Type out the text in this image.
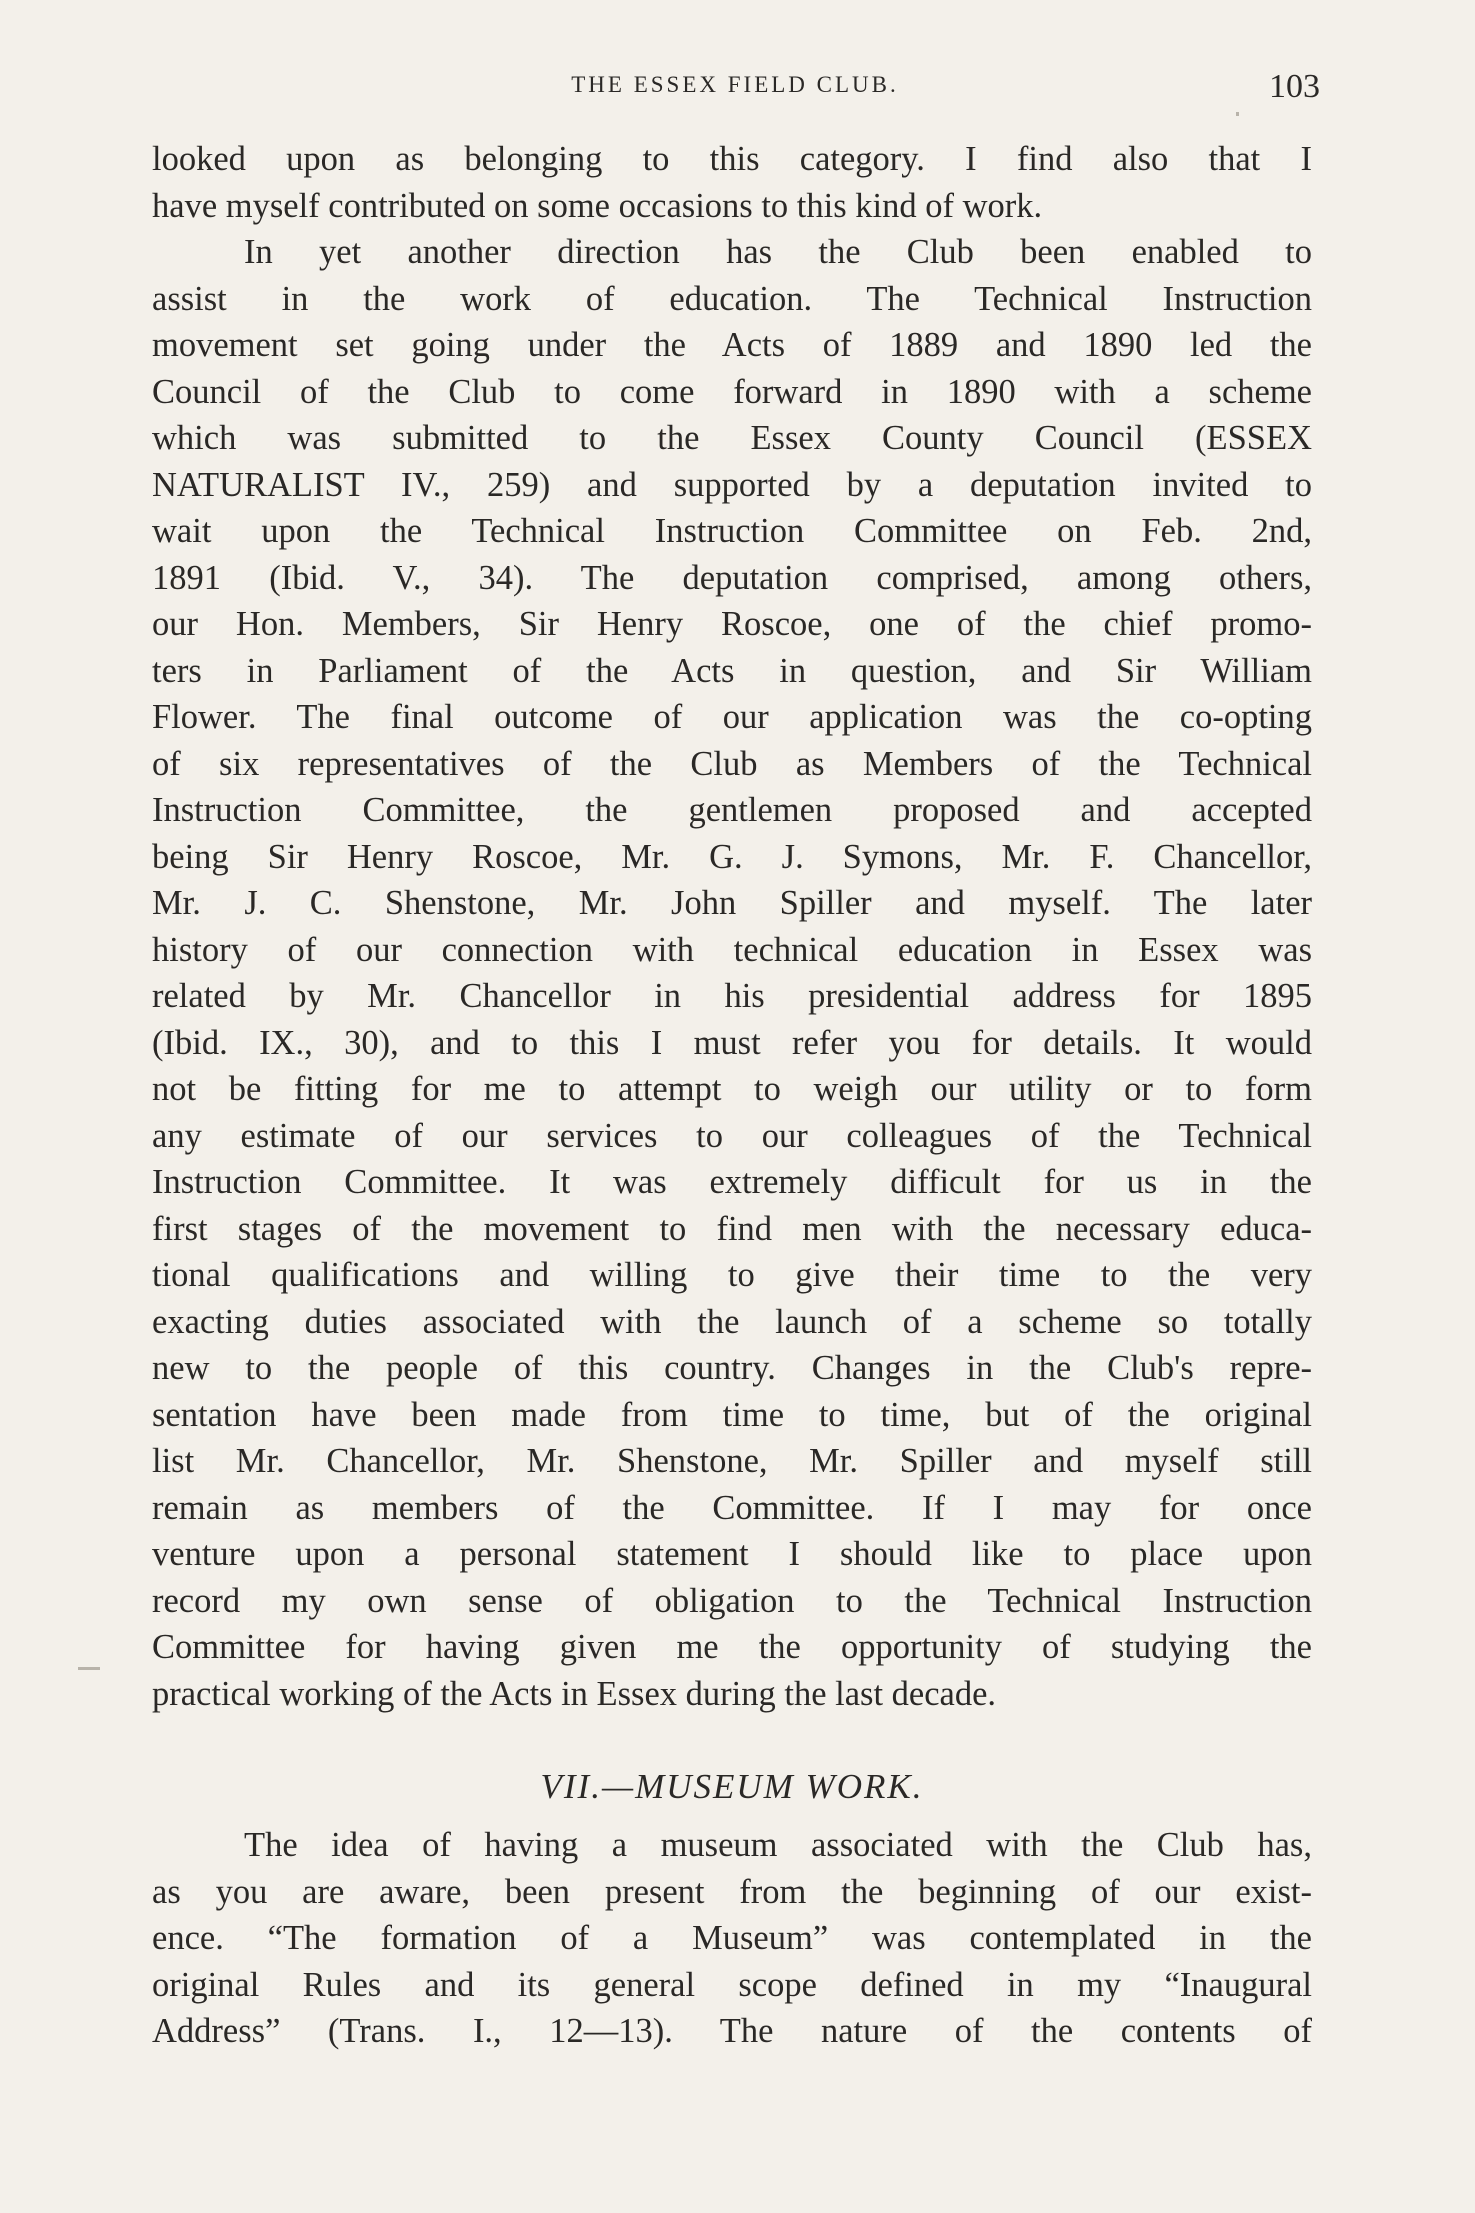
THE ESSEX FIELD CLUB.	103
looked upon as belonging to this category. I find also that I
have myself contributed on some occasions to this kind of work.
In yet another direction has the Club been enabled to
assist in the work of education. The Technical Instruction
movement set going under the Acts of 1889 and 1890 led the
Council of the Club to come forward in 1890 with a scheme
which was submitted to the Essex County Council (ESSEX
NATURALIST IV., 259) and supported by a deputation invited to
wait upon the Technical Instruction Committee on Feb. 2nd,
1891 (Ibid. V., 34). The deputation comprised, among others,
our Hon. Members, Sir Henry Roscoe, one of the chief promo-
ters in Parliament of the Acts in question, and Sir William
Flower. The final outcome of our application was the co-opting
of six representatives of the Club as Members of the Technical
Instruction Committee, the gentlemen proposed and accepted
being Sir Henry Roscoe, Mr. G. J. Symons, Mr. F. Chancellor,
Mr. J. C. Shenstone, Mr. John Spiller and myself. The later
history of our connection with technical education in Essex was
related by Mr. Chancellor in his presidential address for 1895
(Ibid. IX., 30), and to this I must refer you for details. It would
not be fitting for me to attempt to weigh our utility or to form
any estimate of our services to our colleagues of the Technical
Instruction Committee. It was extremely difficult for us in the
first stages of the movement to find men with the necessary educa-
tional qualifications and willing to give their time to the very
exacting duties associated with the launch of a scheme so totally
new to the people of this country. Changes in the Club's repre-
sentation have been made from time to time, but of the original
list Mr. Chancellor, Mr. Shenstone, Mr. Spiller and myself still
remain as members of the Committee. If I may for once
venture upon a personal statement I should like to place upon
record my own sense of obligation to the Technical Instruction
Committee for having given me the opportunity of studying the
practical working of the Acts in Essex during the last decade.
VII.—MUSEUM WORK.
The idea of having a museum associated with the Club has,
as you are aware, been present from the beginning of our exist-
ence. “The formation of a Museum” was contemplated in the
original Rules and its general scope defined in my “Inaugural
Address” (Trans. I., 12—13). The nature of the contents of
